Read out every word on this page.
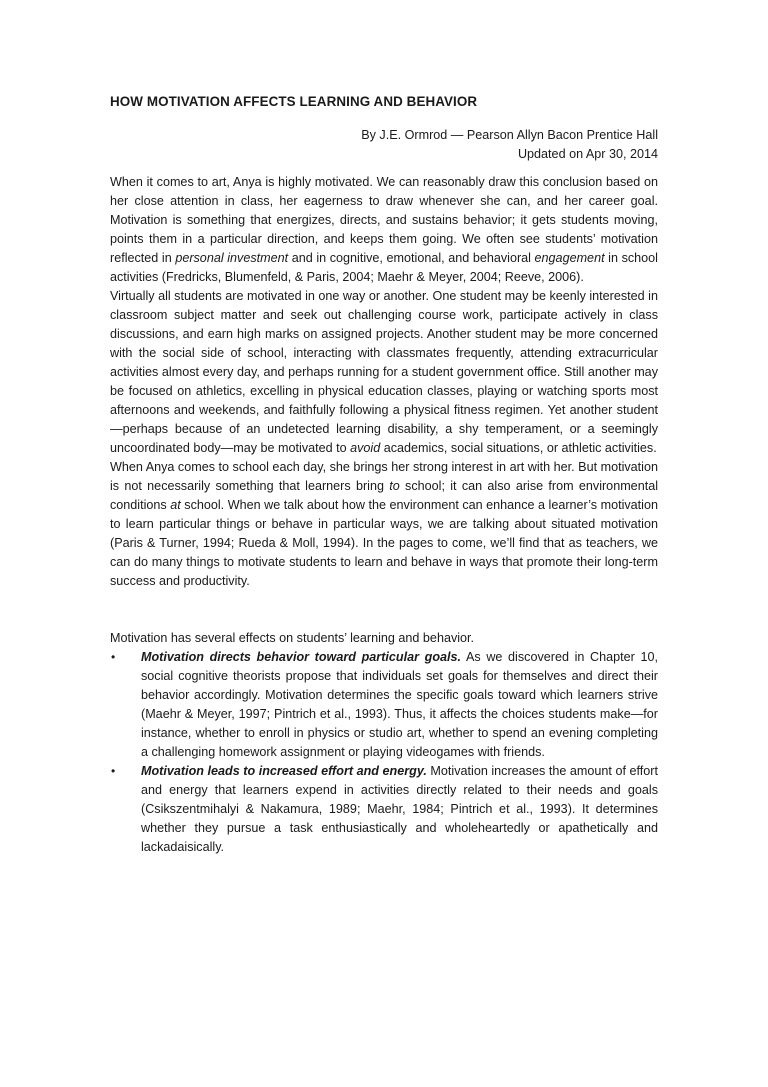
HOW MOTIVATION AFFECTS LEARNING AND BEHAVIOR
By J.E. Ormrod — Pearson Allyn Bacon Prentice Hall
Updated on Apr 30, 2014

When it comes to art, Anya is highly motivated. We can reasonably draw this conclusion based on her close attention in class, her eagerness to draw whenever she can, and her career goal. Motivation is something that energizes, directs, and sustains behavior; it gets students moving, points them in a particular direction, and keeps them going. We often see students’ motivation reflected in personal investment and in cognitive, emotional, and behavioral engagement in school activities (Fredricks, Blumenfeld, & Paris, 2004; Maehr & Meyer, 2004; Reeve, 2006).

Virtually all students are motivated in one way or another. One student may be keenly interested in classroom subject matter and seek out challenging course work, participate actively in class discussions, and earn high marks on assigned projects. Another student may be more concerned with the social side of school, interacting with classmates frequently, attending extracurricular activities almost every day, and perhaps running for a student government office. Still another may be focused on athletics, excelling in physical education classes, playing or watching sports most afternoons and weekends, and faithfully following a physical fitness regimen. Yet another student—perhaps because of an undetected learning disability, a shy temperament, or a seemingly uncoordinated body—may be motivated to avoid academics, social situations, or athletic activities.

When Anya comes to school each day, she brings her strong interest in art with her. But motivation is not necessarily something that learners bring to school; it can also arise from environmental conditions at school. When we talk about how the environment can enhance a learner’s motivation to learn particular things or behave in particular ways, we are talking about situated motivation (Paris & Turner, 1994; Rueda & Moll, 1994). In the pages to come, we’ll find that as teachers, we can do many things to motivate students to learn and behave in ways that promote their long-term success and productivity.

Motivation has several effects on students’ learning and behavior.

• Motivation directs behavior toward particular goals. As we discovered in Chapter 10, social cognitive theorists propose that individuals set goals for themselves and direct their behavior accordingly. Motivation determines the specific goals toward which learners strive (Maehr & Meyer, 1997; Pintrich et al., 1993). Thus, it affects the choices students make—for instance, whether to enroll in physics or studio art, whether to spend an evening completing a challenging homework assignment or playing videogames with friends.
• Motivation leads to increased effort and energy. Motivation increases the amount of effort and energy that learners expend in activities directly related to their needs and goals (Csikszentmihalyi & Nakamura, 1989; Maehr, 1984; Pintrich et al., 1993). It determines whether they pursue a task enthusiastically and wholeheartedly or apathetically and lackadaisically.
